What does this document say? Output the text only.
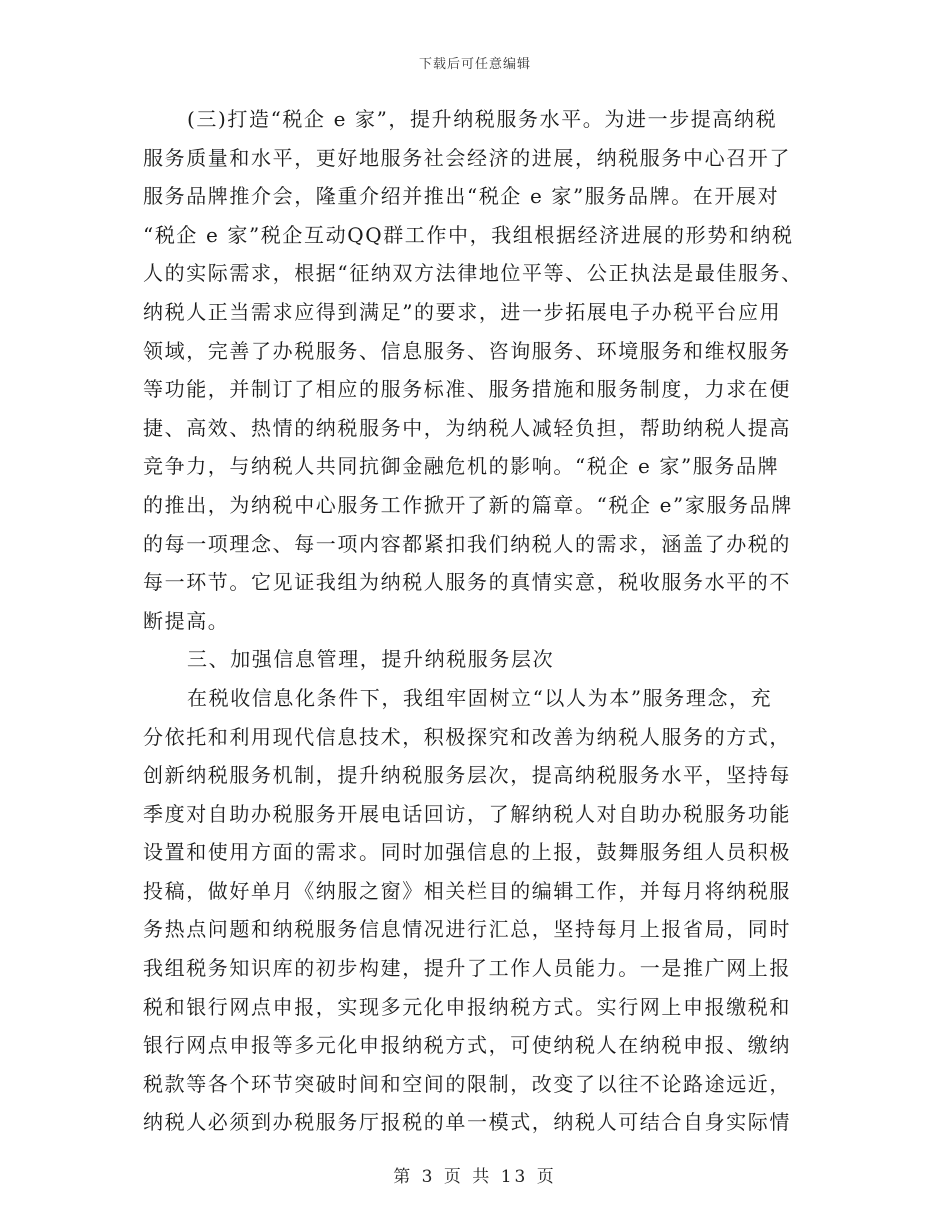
下载后可任意编辑
(三)打造“税企 e 家”，提升纳税服务水平。为进一步提高纳税
服务质量和水平，更好地服务社会经济的进展，纳税服务中心召开了
服务品牌推介会，隆重介绍并推出“税企 e 家”服务品牌。在开展对
“税企 e 家”税企互动QQ群工作中，我组根据经济进展的形势和纳税
人的实际需求，根据“征纳双方法律地位平等、公正执法是最佳服务、
纳税人正当需求应得到满足”的要求，进一步拓展电子办税平台应用
领域，完善了办税服务、信息服务、咨询服务、环境服务和维权服务
等功能，并制订了相应的服务标准、服务措施和服务制度，力求在便
捷、高效、热情的纳税服务中，为纳税人减轻负担，帮助纳税人提高
竞争力，与纳税人共同抗御金融危机的影响。“税企 e 家”服务品牌
的推出，为纳税中心服务工作掀开了新的篇章。“税企 e”家服务品牌
的每一项理念、每一项内容都紧扣我们纳税人的需求，涵盖了办税的
每一环节。它见证我组为纳税人服务的真情实意，税收服务水平的不
断提高。
三、加强信息管理，提升纳税服务层次
在税收信息化条件下，我组牢固树立“以人为本”服务理念，充
分依托和利用现代信息技术，积极探究和改善为纳税人服务的方式，
创新纳税服务机制，提升纳税服务层次，提高纳税服务水平，坚持每
季度对自助办税服务开展电话回访，了解纳税人对自助办税服务功能
设置和使用方面的需求。同时加强信息的上报，鼓舞服务组人员积极
投稿，做好单月《纳服之窗》相关栏目的编辑工作，并每月将纳税服
务热点问题和纳税服务信息情况进行汇总，坚持每月上报省局，同时
我组税务知识库的初步构建，提升了工作人员能力。一是推广网上报
税和银行网点申报，实现多元化申报纳税方式。实行网上申报缴税和
银行网点申报等多元化申报纳税方式，可使纳税人在纳税申报、缴纳
税款等各个环节突破时间和空间的限制，改变了以往不论路途远近，
纳税人必须到办税服务厅报税的单一模式，纳税人可结合自身实际情
第 3 页 共 13 页
